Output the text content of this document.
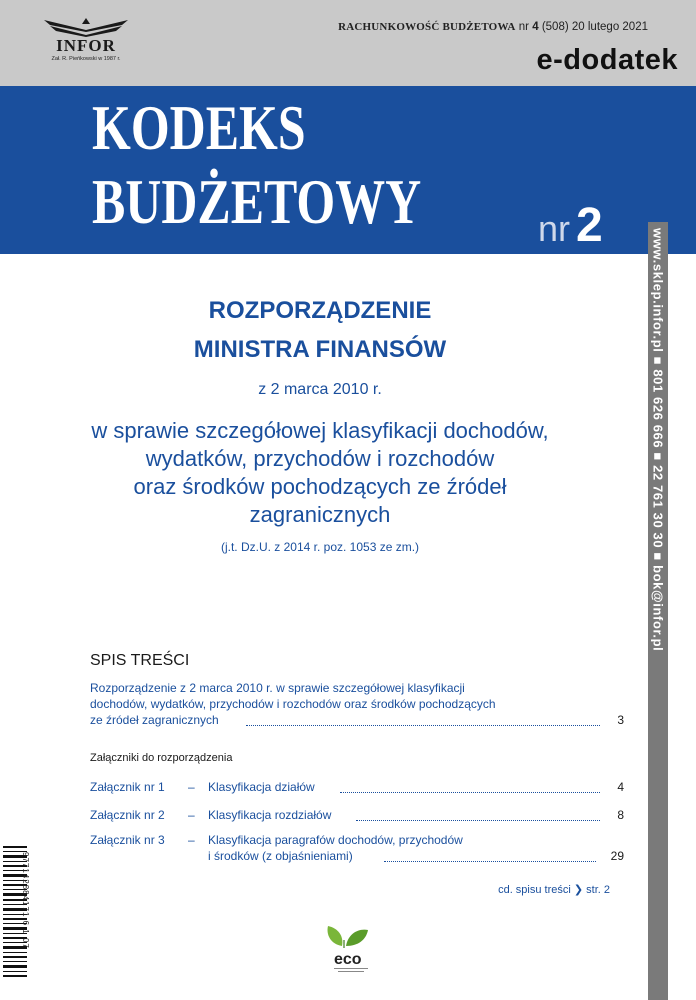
INFOR
Zał. R. Pieńkowski w 1987 r.
RACHUNKOWOŚĆ BUDŻETOWA nr 4 (508) 20 lutego 2021
e-dodatek
KODEKS
BUDŻETOWY	nr 2
www.sklep.infor.pl ■ 801 626 666 ■ 22 761 30 30 ■ bok@infor.pl
ROZPORZĄDZENIE
MINISTRA FINANSÓW
z 2 marca 2010 r.
w sprawie szczegółowej klasyfikacji dochodów,
wydatków, przychodów i rozchodów
oraz środków pochodzących ze źródeł
zagranicznych
(j.t. Dz.U. z 2014 r. poz. 1053 ze zm.)
SPIS TREŚCI
Rozporządzenie z 2 marca 2010 r. w sprawie szczegółowej klasyfikacji
dochodów, wydatków, przychodów i rozchodów oraz środków pochodzących
ze źródeł zagranicznych	3
Załączniki do rozporządzenia
Załącznik nr 1 – Klasyfikacja działów	4
Załącznik nr 2 – Klasyfikacja rozdziałów	8
Załącznik nr 3 – Klasyfikacja paragrafów dochodów, przychodów
i środków (z objaśnieniami)	29
cd. spisu treści ❯ str. 2
977142884171 6 1 07
eco
